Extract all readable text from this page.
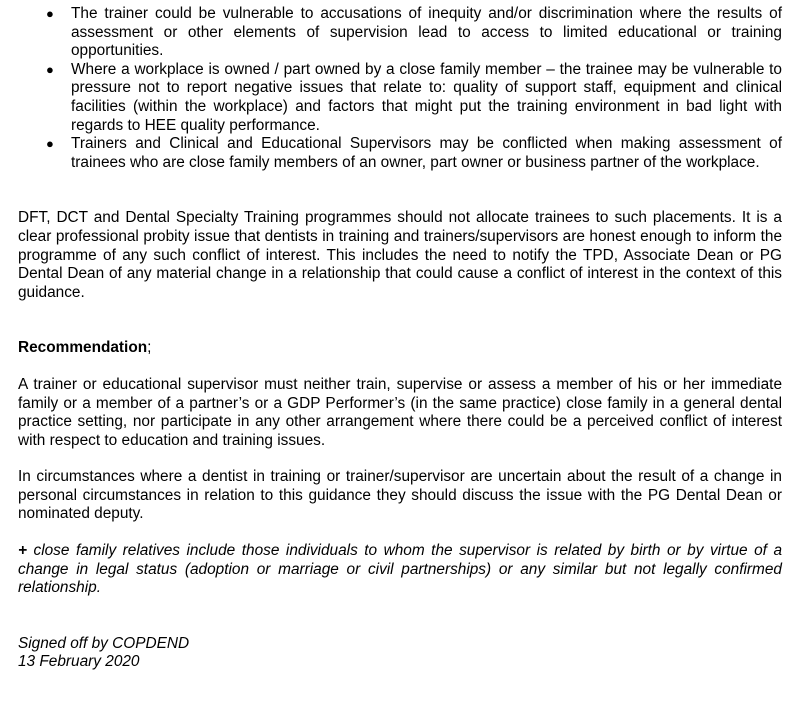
● The trainer could be vulnerable to accusations of inequity and/or discrimination where the results of assessment or other elements of supervision lead to access to limited educational or training opportunities.
● Where a workplace is owned / part owned by a close family member – the trainee may be vulnerable to pressure not to report negative issues that relate to: quality of support staff, equipment and clinical facilities (within the workplace) and factors that might put the training environment in bad light with regards to HEE quality performance.
● Trainers and Clinical and Educational Supervisors may be conflicted when making assessment of trainees who are close family members of an owner, part owner or business partner of the workplace.

DFT, DCT and Dental Specialty Training programmes should not allocate trainees to such placements. It is a clear professional probity issue that dentists in training and trainers/supervisors are honest enough to inform the programme of any such conflict of interest. This includes the need to notify the TPD, Associate Dean or PG Dental Dean of any material change in a relationship that could cause a conflict of interest in the context of this guidance.

Recommendation;

A trainer or educational supervisor must neither train, supervise or assess a member of his or her immediate family or a member of a partner’s or a GDP Performer’s (in the same practice) close family in a general dental practice setting, nor participate in any other arrangement where there could be a perceived conflict of interest with respect to education and training issues.

In circumstances where a dentist in training or trainer/supervisor are uncertain about the result of a change in personal circumstances in relation to this guidance they should discuss the issue with the PG Dental Dean or nominated deputy.

+ close family relatives include those individuals to whom the supervisor is related by birth or by virtue of a change in legal status (adoption or marriage or civil partnerships) or any similar but not legally confirmed relationship.

Signed off by COPDEND

13 February 2020
